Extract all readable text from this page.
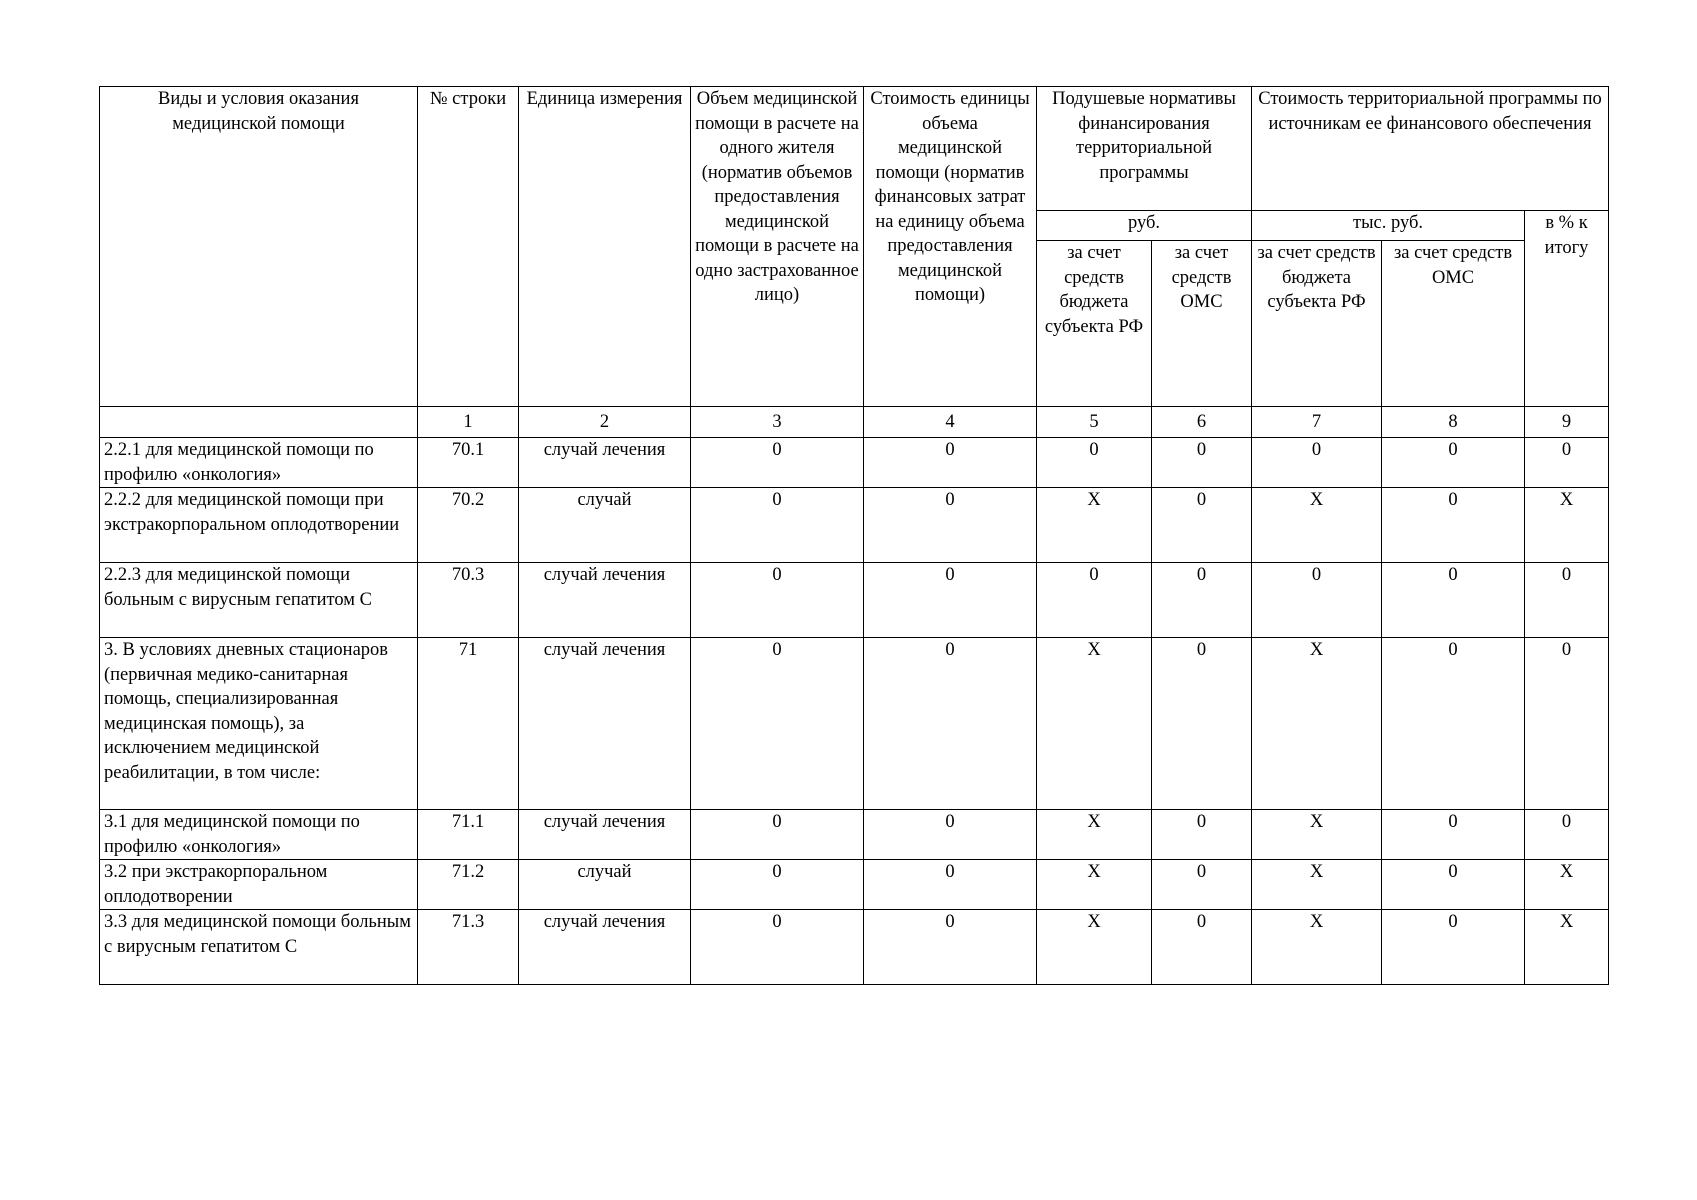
Виды и условия оказания медицинской помощи	№ строки	Единица измерения	Объем медицинской помощи в расчете на одного жителя (норматив объемов предоставления медицинской помощи в расчете на одно застрахованное лицо)	Стоимость единицы объема медицинской помощи (норматив финансовых затрат на единицу объема предоставления медицинской помощи)	Подушевые нормативы финансирования территориальной программы		Стоимость территориальной программы по источникам ее финансового обеспечения		
					руб.		тыс. руб.		в % к итогу
					за счет средств бюджета субъекта РФ	за счет средств ОМС	за счет средств бюджета субъекта РФ	за счет средств ОМС	
	1	2	3	4	5	6	7	8	9
2.2.1 для медицинской помощи по профилю «онкология»	70.1	случай лечения	0	0	0	0	0	0	0
2.2.2 для медицинской помощи при экстракорпоральном оплодотворении	70.2	случай	0	0	Х	0	Х	0	Х
2.2.3 для медицинской помощи больным с вирусным гепатитом С	70.3	случай лечения	0	0	0	0	0	0	0
3. В условиях дневных стационаров (первичная медико-санитарная помощь, специализированная медицинская помощь), за исключением медицинской реабилитации, в том числе:	71	случай лечения	0	0	Х	0	Х	0	0
3.1 для медицинской помощи по профилю «онкология»	71.1	случай лечения	0	0	Х	0	Х	0	0
3.2 при экстракорпоральном оплодотворении	71.2	случай	0	0	Х	0	Х	0	Х
3.3 для медицинской помощи больным с вирусным гепатитом С	71.3	случай лечения	0	0	Х	0	Х	0	Х
